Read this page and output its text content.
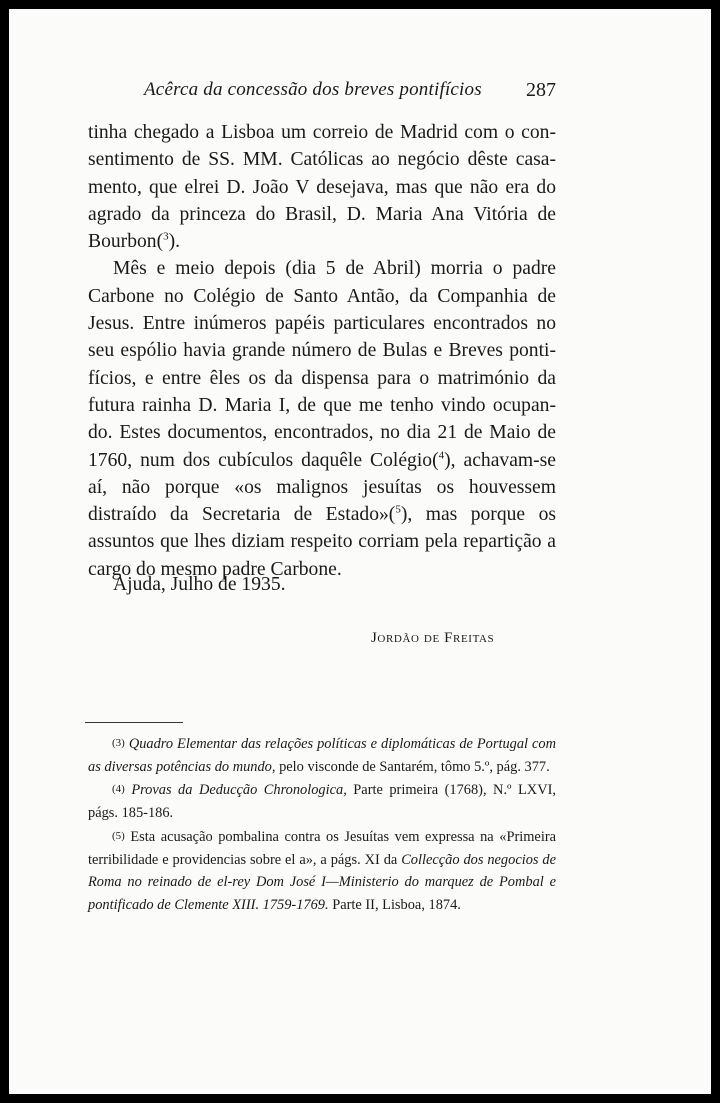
Acêrca da concessão dos breves pontifícios 287

tinha chegado a Lisboa um correio de Madrid com o con-sentimento de SS. MM. Católicas ao negócio dêste casa-mento, que elrei D. João V desejava, mas que não era do agrado da princeza do Brasil, D. Maria Ana Vitória de Bourbon($^3$).

Mês e meio depois (dia 5 de Abril) morria o padre Carbone no Colégio de Santo Antão, da Companhia de Jesus. Entre inúmeros papéis particulares encontrados no seu espólio havia grande número de Bulas e Breves ponti-fícios, e entre êles os da dispensa para o matrimónio da futura rainha D. Maria I, de que me tenho vindo ocupan-do. Estes documentos, encontrados, no dia 21 de Maio de 1760, num dos cubículos daquêle Colégio($^4$), achavam-se aí, não porque «os malignos jesuítas os houvessem distraído da Secretaria de Estado»($^5$), mas porque os assuntos que lhes diziam respeito corriam pela repartição a cargo do mesmo padre Carbone.

Ajuda, Julho de 1935.
Jordão de Freitas

(3) Quadro Elementar das relações políticas e diplomáticas de Portugal com as diversas potências do mundo, pelo visconde de Santarém, tômo 5.º, pág. 377.

(4) Provas da Deducção Chronologica, Parte primeira (1768), N.º LXVI, págs. 185-186.

(5) Esta acusação pombalina contra os Jesuítas vem expressa na «Primeira terribilidade e providencias sobre el a», a págs. XI da Collecção dos negocios de Roma no reinado de el-rey Dom José I—Ministerio do marquez de Pombal e pontificado de Clemente XIII. 1759-1769. Parte II, Lisboa, 1874.
